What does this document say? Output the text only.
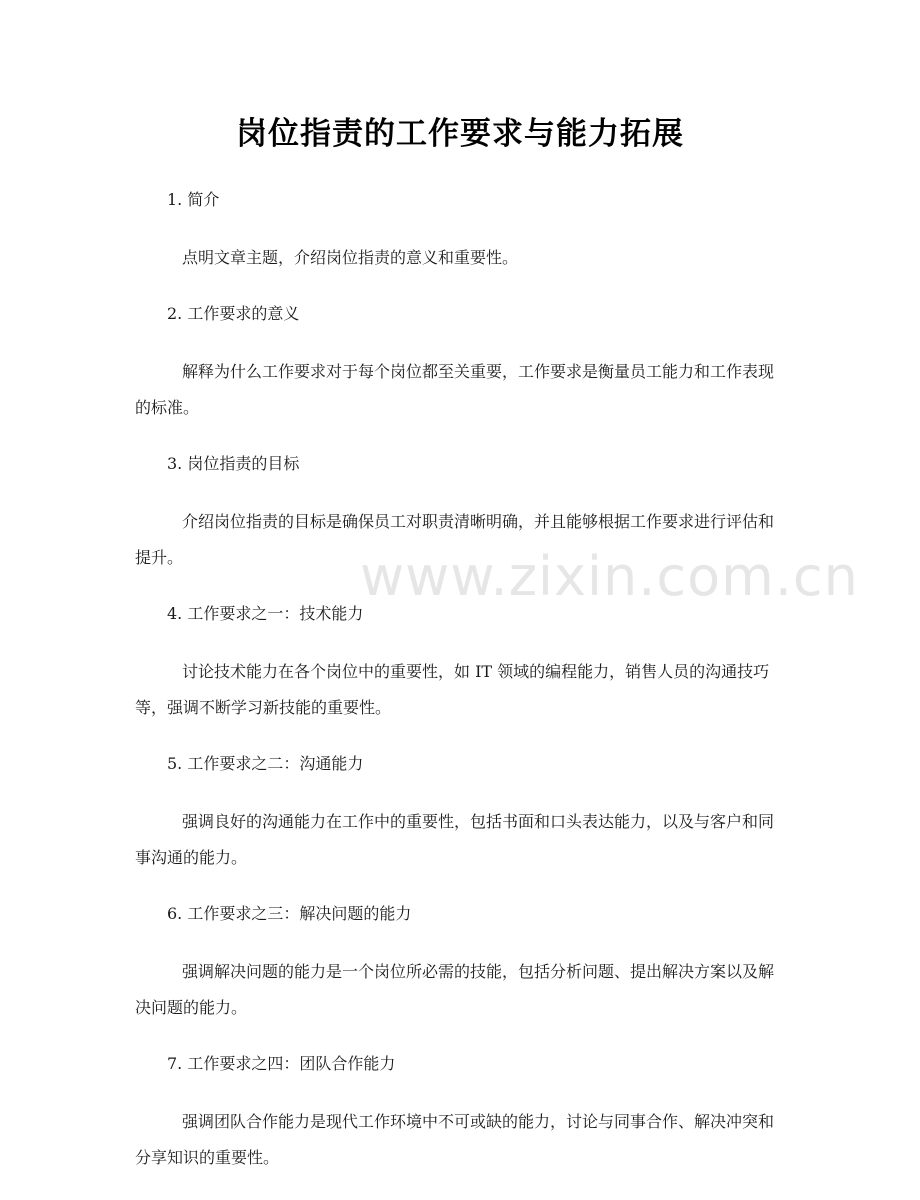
岗位指责的工作要求与能力拓展
www.zixin.com.cn

1. 简介

点明文章主题，介绍岗位指责的意义和重要性。

2. 工作要求的意义

解释为什么工作要求对于每个岗位都至关重要，工作要求是衡量员工能力和工作表现的标准。

3. 岗位指责的目标

介绍岗位指责的目标是确保员工对职责清晰明确，并且能够根据工作要求进行评估和提升。

4. 工作要求之一：技术能力

讨论技术能力在各个岗位中的重要性，如 IT 领域的编程能力，销售人员的沟通技巧等，强调不断学习新技能的重要性。

5. 工作要求之二：沟通能力

强调良好的沟通能力在工作中的重要性，包括书面和口头表达能力，以及与客户和同事沟通的能力。

6. 工作要求之三：解决问题的能力

强调解决问题的能力是一个岗位所必需的技能，包括分析问题、提出解决方案以及解决问题的能力。

7. 工作要求之四：团队合作能力

强调团队合作能力是现代工作环境中不可或缺的能力，讨论与同事合作、解决冲突和分享知识的重要性。
